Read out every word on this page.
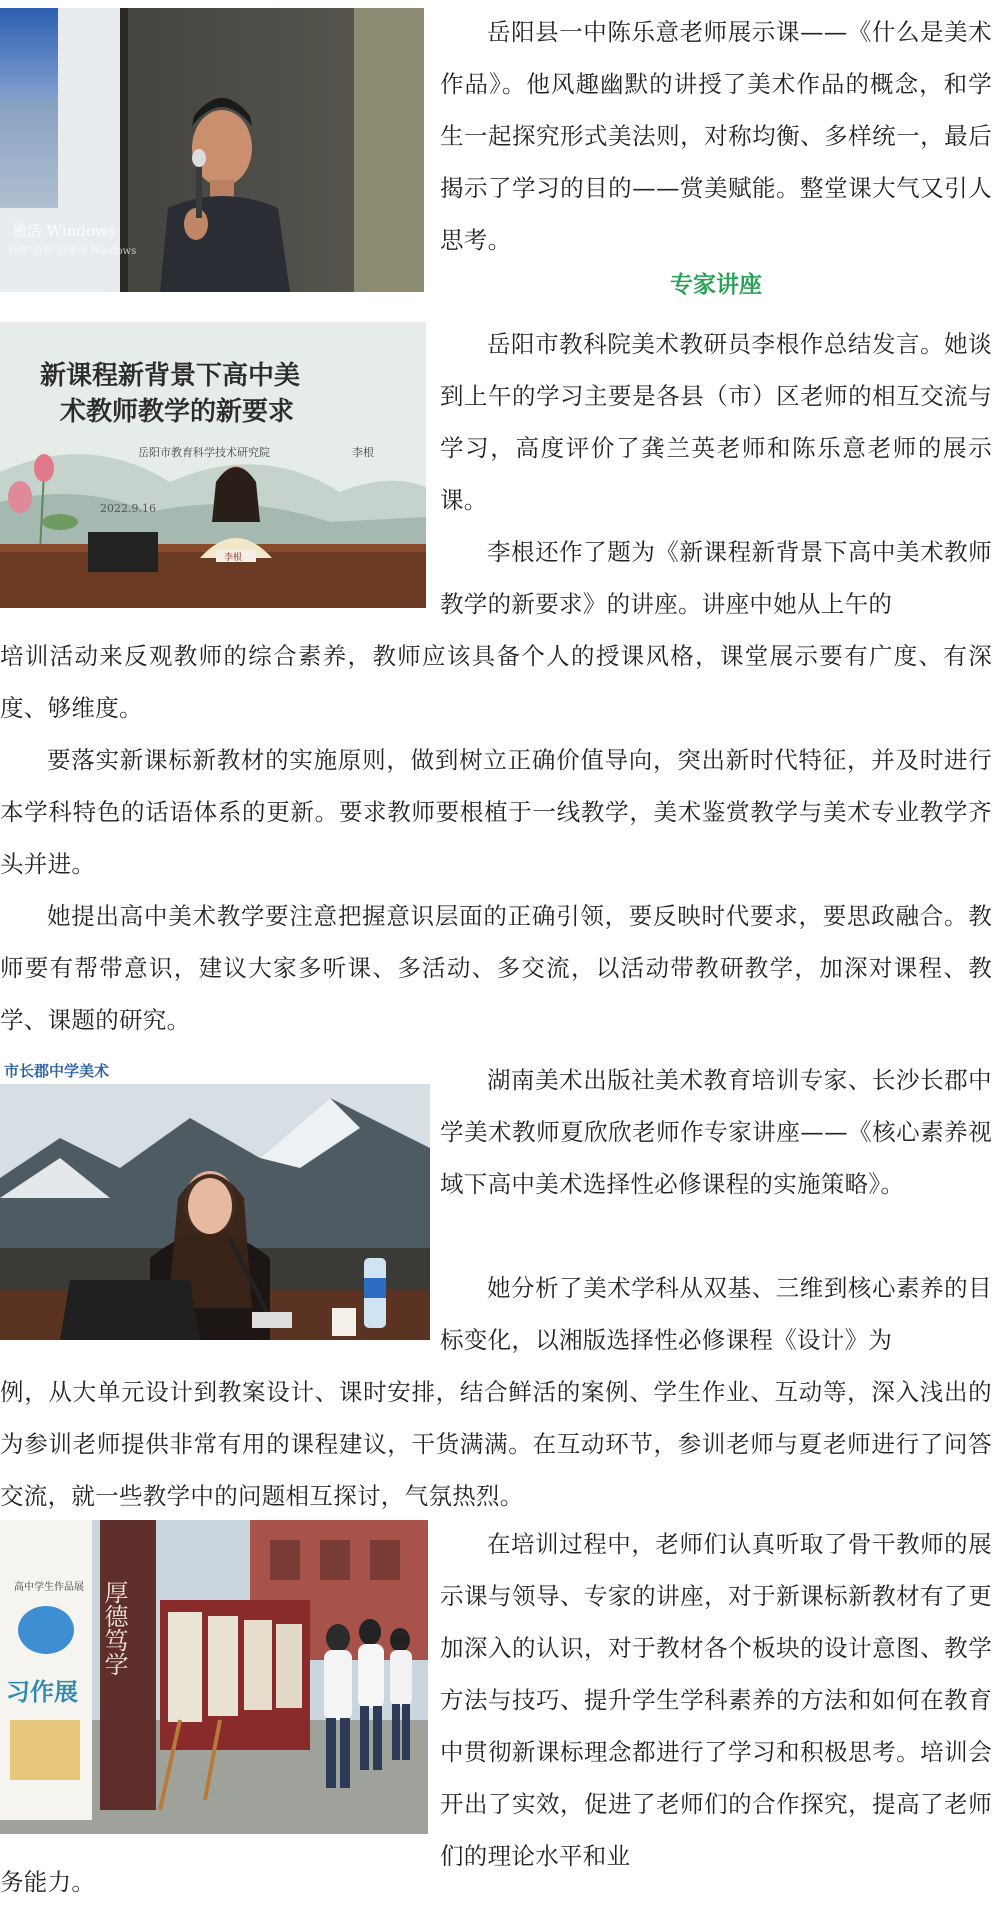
激活 Windows
转到"设置"以激活 Windows

岳阳县一中陈乐意老师展示课——《什么是美术作品》。他风趣幽默的讲授了美术作品的概念，和学生一起探究形式美法则，对称均衡、多样统一，最后揭示了学习的目的——赏美赋能。整堂课大气又引人思考。

专家讲座

新课程新背景下高中美
术教师教学的新要求
岳阳市教育科学技术研究院	李根
2022.9.16
李根

岳阳市教科院美术教研员李根作总结发言。她谈到上午的学习主要是各县（市）区老师的相互交流与学习，高度评价了龚兰英老师和陈乐意老师的展示课。

李根还作了题为《新课程新背景下高中美术教师教学的新要求》的讲座。讲座中她从上午的

培训活动来反观教师的综合素养，教师应该具备个人的授课风格，课堂展示要有广度、有深度、够维度。

要落实新课标新教材的实施原则，做到树立正确价值导向，突出新时代特征，并及时进行本学科特色的话语体系的更新。要求教师要根植于一线教学，美术鉴赏教学与美术专业教学齐头并进。

她提出高中美术教学要注意把握意识层面的正确引领，要反映时代要求，要思政融合。教师要有帮带意识，建议大家多听课、多活动、多交流，以活动带教研教学，加深对课程、教学、课题的研究。

市长郡中学美术	湖南美术出版社美术教育培训专家、长沙长郡中学美术教师夏欣欣老师作专家讲座——《核心素养视域下高中美术选择性必修课程的实施策略》。

她分析了美术学科从双基、三维到核心素养的目标变化，以湘版选择性必修课程《设计》为

例，从大单元设计到教案设计、课时安排，结合鲜活的案例、学生作业、互动等，深入浅出的为参训老师提供非常有用的课程建议，干货满满。在互动环节，参训老师与夏老师进行了问答交流，就一些教学中的问题相互探讨，气氛热烈。

高中学生作品展
习作展
厚德笃学

在培训过程中，老师们认真听取了骨干教师的展示课与领导、专家的讲座，对于新课标新教材有了更加深入的认识，对于教材各个板块的设计意图、教学方法与技巧、提升学生学科素养的方法和如何在教育中贯彻新课标理念都进行了学习和积极思考。培训会开出了实效，促进了老师们的合作探究，提高了老师们的理论水平和业

务能力。
